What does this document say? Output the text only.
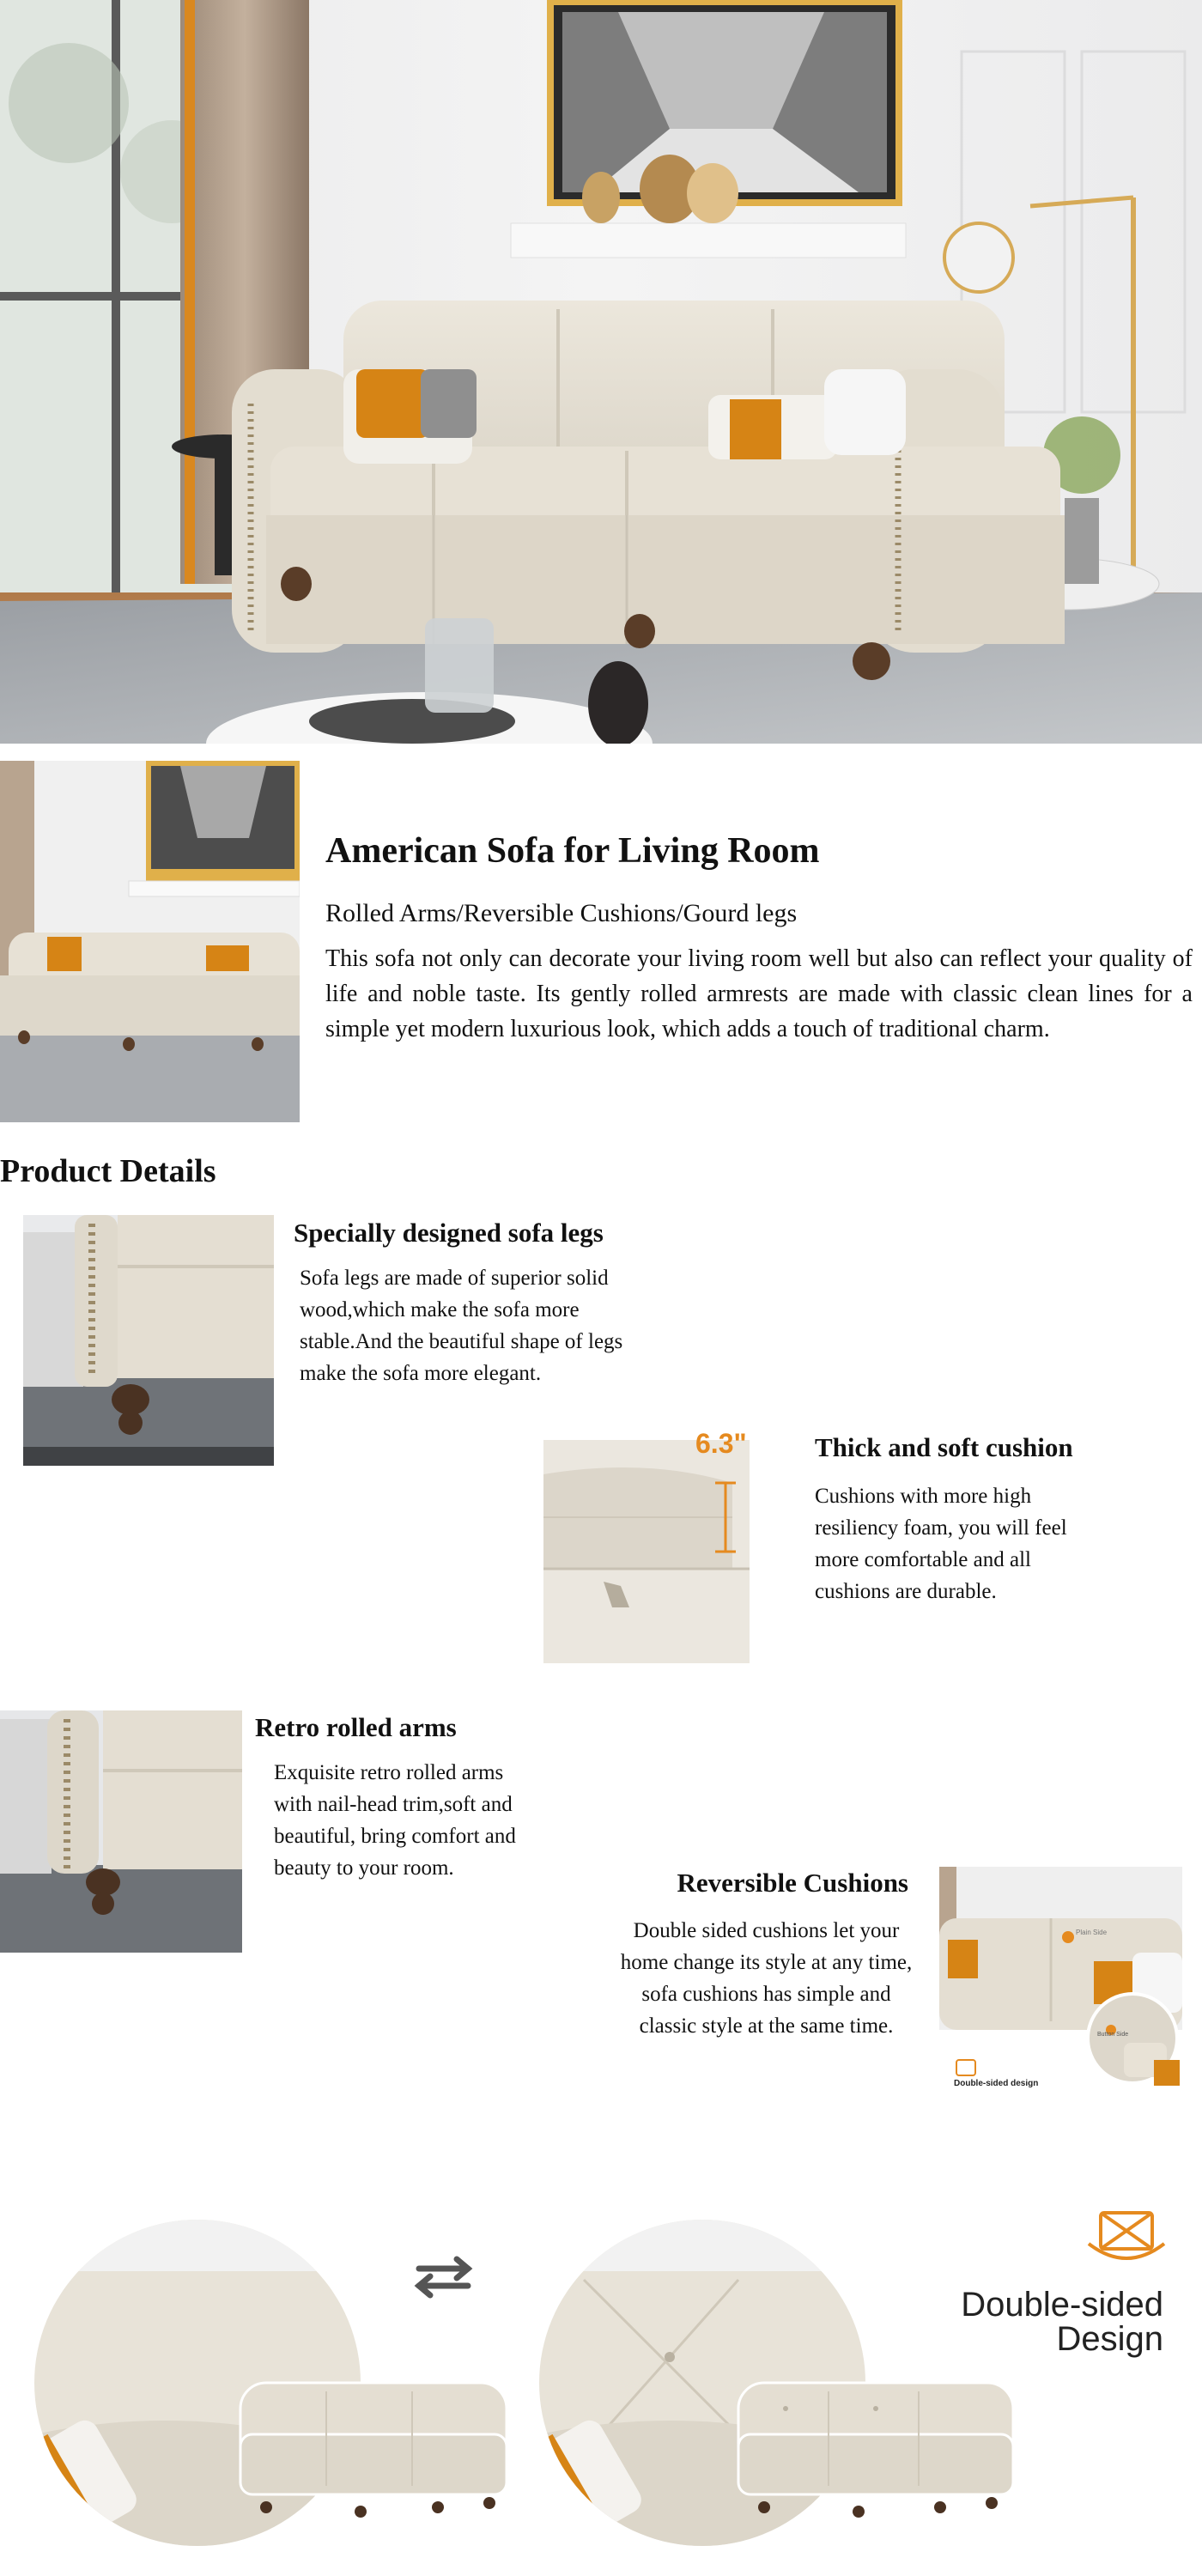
American Sofa for Living Room
Rolled Arms/Reversible Cushions/Gourd legs
This sofa not only can decorate your living room well but also can reflect your quality of life and noble taste. Its gently rolled armrests are made with classic clean lines for a simple yet modern luxurious look, which adds a touch of traditional charm.
Product Details
Specially designed sofa legs
Sofa legs are made of superior solid wood,which make the sofa more stable.And the beautiful shape of legs make the sofa more elegant.
6.3"	Thick and soft cushion
Cushions with more high resiliency foam, you will feel more comfortable and all cushions are durable.
Retro rolled arms
Exquisite retro rolled arms with nail-head trim,soft and beautiful, bring comfort and beauty to your room.	Reversible Cushions
Double sided cushions let your home change its style at any time, sofa cushions has simple and classic style at the same time.
Plain Side
Button Side
Double-sided design
Double-sided
Design
